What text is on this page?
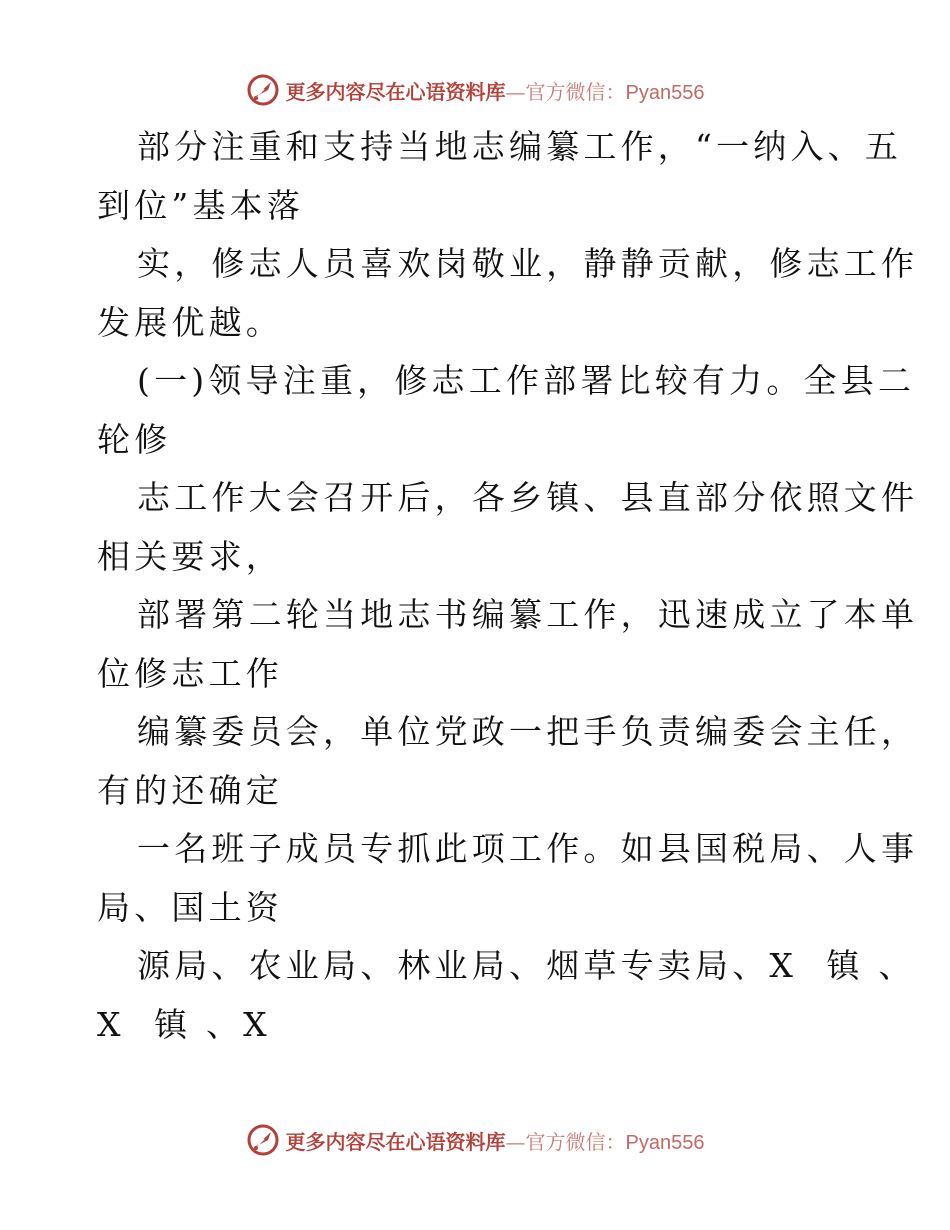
更多内容尽在心语资料库—官方微信：Pyan556
部分注重和支持当地志编纂工作，“一纳入、五
到位”基本落
实，修志人员喜欢岗敬业，静静贡献，修志工作
发展优越。
(一)领导注重，修志工作部署比较有力。全县二
轮修
志工作大会召开后，各乡镇、县直部分依照文件
相关要求，
部署第二轮当地志书编纂工作，迅速成立了本单
位修志工作
编纂委员会，单位党政一把手负责编委会主任，
有的还确定
一名班子成员专抓此项工作。如县国税局、人事
局、国土资
源局、农业局、林业局、烟草专卖局、X  镇 、
X  镇 、X
更多内容尽在心语资料库—官方微信：Pyan556
